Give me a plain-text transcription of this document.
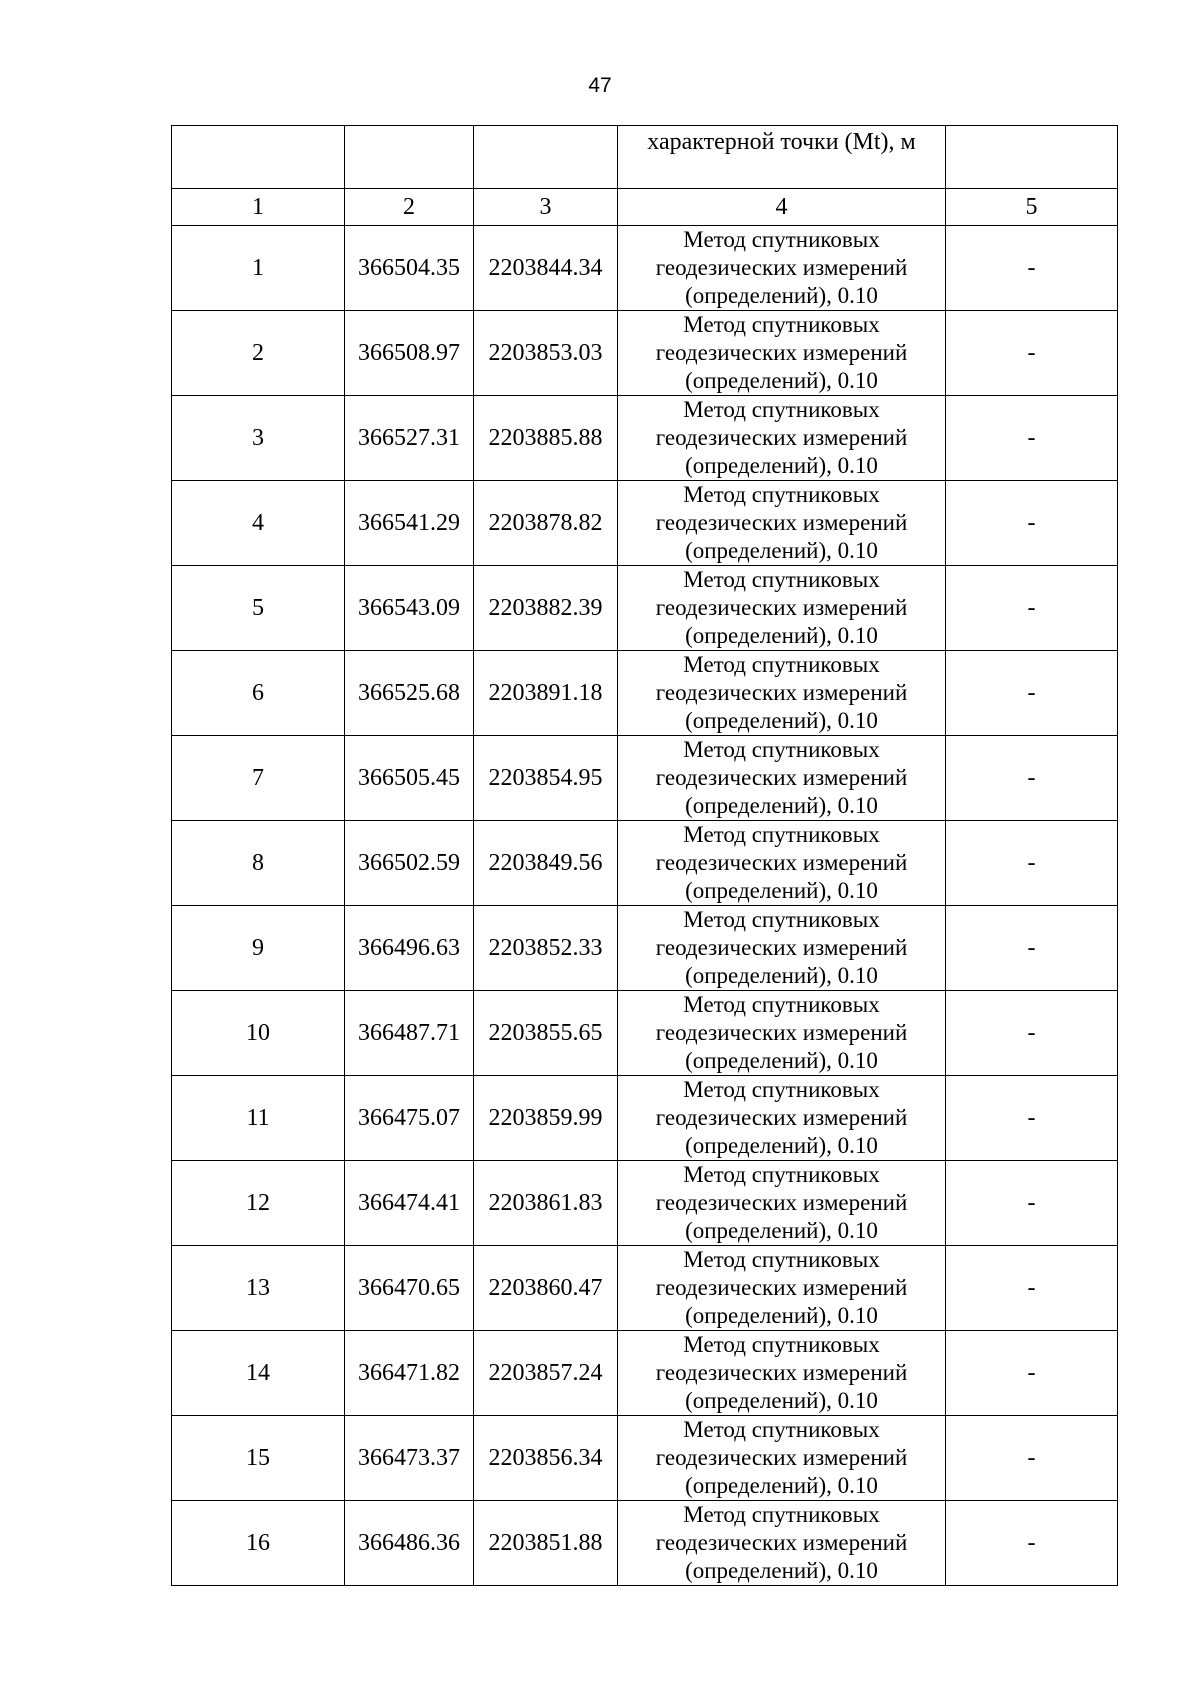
47
			характерной точки (Mt), м	
1	2	3	4	5
1	366504.35	2203844.34	Метод спутниковых
геодезических измерений
(определений), 0.10	-
2	366508.97	2203853.03	Метод спутниковых
геодезических измерений
(определений), 0.10	-
3	366527.31	2203885.88	Метод спутниковых
геодезических измерений
(определений), 0.10	-
4	366541.29	2203878.82	Метод спутниковых
геодезических измерений
(определений), 0.10	-
5	366543.09	2203882.39	Метод спутниковых
геодезических измерений
(определений), 0.10	-
6	366525.68	2203891.18	Метод спутниковых
геодезических измерений
(определений), 0.10	-
7	366505.45	2203854.95	Метод спутниковых
геодезических измерений
(определений), 0.10	-
8	366502.59	2203849.56	Метод спутниковых
геодезических измерений
(определений), 0.10	-
9	366496.63	2203852.33	Метод спутниковых
геодезических измерений
(определений), 0.10	-
10	366487.71	2203855.65	Метод спутниковых
геодезических измерений
(определений), 0.10	-
11	366475.07	2203859.99	Метод спутниковых
геодезических измерений
(определений), 0.10	-
12	366474.41	2203861.83	Метод спутниковых
геодезических измерений
(определений), 0.10	-
13	366470.65	2203860.47	Метод спутниковых
геодезических измерений
(определений), 0.10	-
14	366471.82	2203857.24	Метод спутниковых
геодезических измерений
(определений), 0.10	-
15	366473.37	2203856.34	Метод спутниковых
геодезических измерений
(определений), 0.10	-
16	366486.36	2203851.88	Метод спутниковых
геодезических измерений
(определений), 0.10	-
